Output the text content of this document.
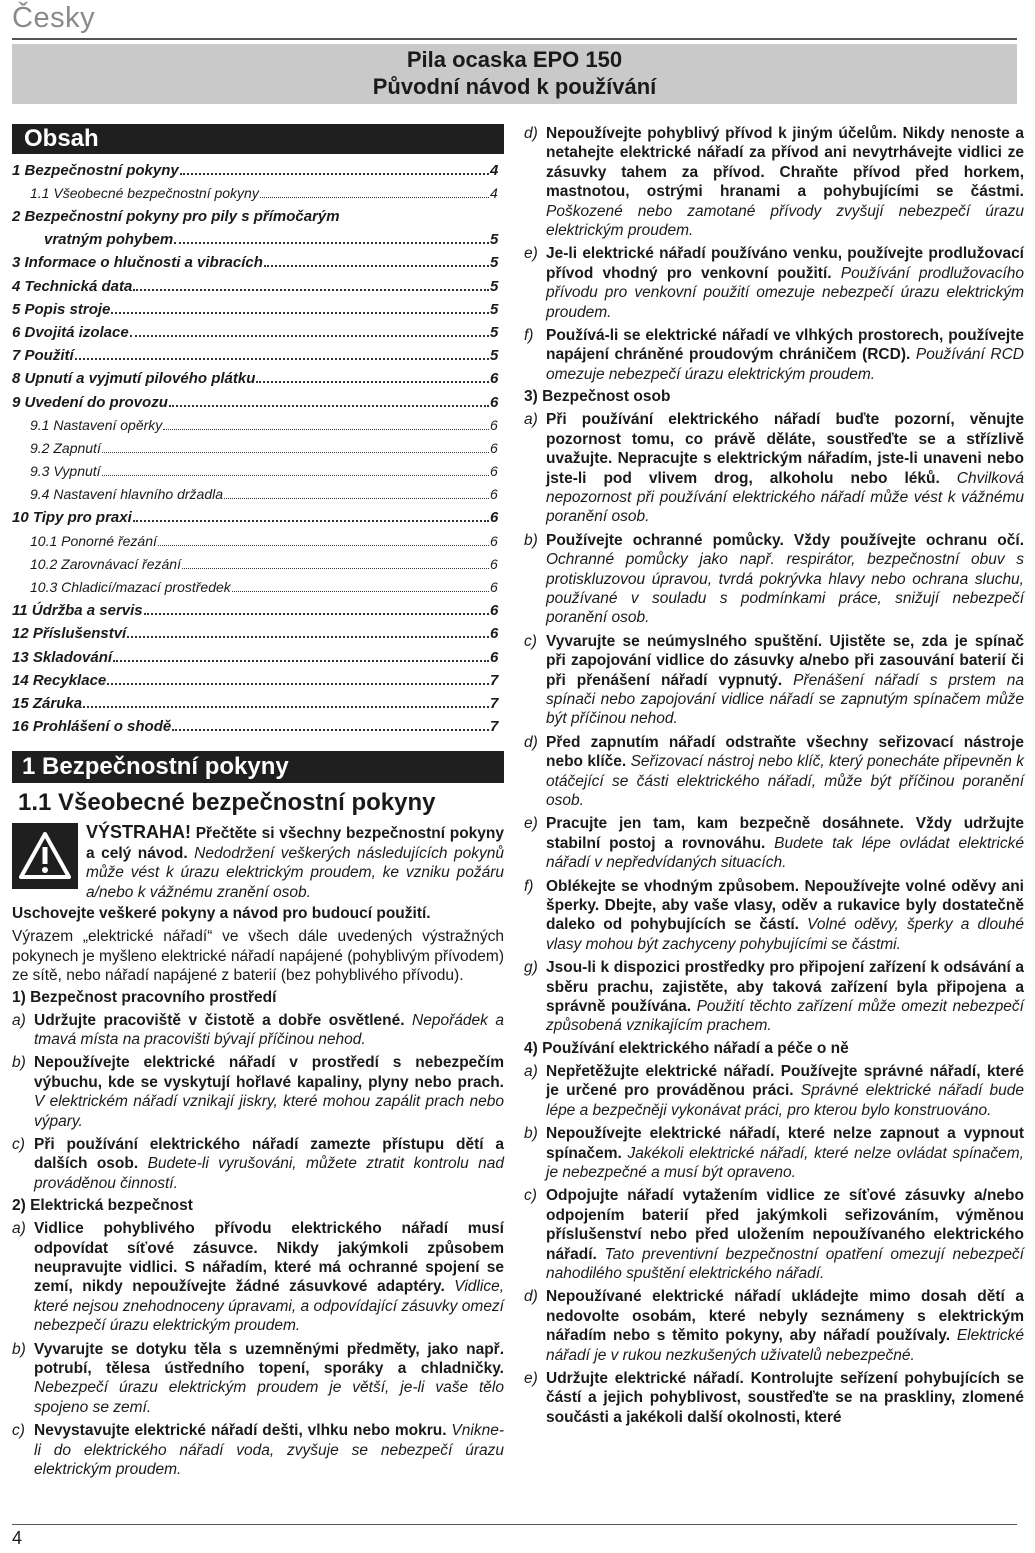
Česky
Pila ocaska EPO 150
Původní návod k používání
Obsah
1 Bezpečnostní pokyny	4
1.1 Všeobecné bezpečnostní pokyny	4
2 Bezpečnostní pokyny pro pily s přímočarým
vratným pohybem	5
3 Informace o hlučnosti a vibracích	5
4 Technická data	5
5 Popis stroje	5
6 Dvojitá izolace	5
7 Použití	5
8 Upnutí a vyjmutí pilového plátku	6
9 Uvedení do provozu	6
9.1 Nastavení opěrky	6
9.2 Zapnutí	6
9.3 Vypnutí	6
9.4 Nastavení hlavního držadla	6
10 Tipy pro praxi	6
10.1 Ponorné řezání	6
10.2 Zarovnávací řezání	6
10.3 Chladicí/mazací prostředek	6
11 Údržba a servis	6
12 Příslušenství	6
13 Skladování	6
14 Recyklace	7
15 Záruka	7
16 Prohlášení o shodě	7
1 Bezpečnostní pokyny
1.1 Všeobecné bezpečnostní pokyny

VÝSTRAHA! Přečtěte si všechny bezpečnostní pokyny a celý návod. Nedodržení veškerých následujících pokynů může vést k úrazu elektrickým proudem, ke vzniku požáru a/nebo k vážnému zranění osob.

Uschovejte veškeré pokyny a návod pro budoucí použití.

Výrazem „elektrické nářadí“ ve všech dále uvedených výstražných pokynech je myšleno elektrické nářadí napájené (pohyblivým přívodem) ze sítě, nebo nářadí napájené z baterií (bez pohyblivého přívodu).

1) Bezpečnost pracovního prostředí
a) Udržujte pracoviště v čistotě a dobře osvětlené. Nepořádek a tmavá místa na pracovišti bývají příčinou nehod.

b) Nepoužívejte elektrické nářadí v prostředí s nebezpečím výbuchu, kde se vyskytují hořlavé kapaliny, plyny nebo prach. V elektrickém nářadí vznikají jiskry, které mohou zapálit prach nebo výpary.

c) Při používání elektrického nářadí zamezte přístupu dětí a dalších osob. Budete-li vyrušováni, můžete ztratit kontrolu nad prováděnou činností.

2) Elektrická bezpečnost
a) Vidlice pohyblivého přívodu elektrického nářadí musí odpovídat síťové zásuvce. Nikdy jakýmkoli způsobem neupravujte vidlici. S nářadím, které má ochranné spojení se zemí, nikdy nepoužívejte žádné zásuvkové adaptéry. Vidlice, které nejsou znehodnoceny úpravami, a odpovídající zásuvky omezí nebezpečí úrazu elektrickým proudem.

b) Vyvarujte se dotyku těla s uzemněnými předměty, jako např. potrubí, tělesa ústředního topení, sporáky a chladničky. Nebezpečí úrazu elektrickým proudem je větší, je-li vaše tělo spojeno se zemí.

c) Nevystavujte elektrické nářadí dešti, vlhku nebo mokru. Vnikne-li do elektrického nářadí voda, zvyšuje se nebezpečí úrazu elektrickým proudem.

d) Nepoužívejte pohyblivý přívod k jiným účelům. Nikdy nenoste a netahejte elektrické nářadí za přívod ani nevytrhávejte vidlici ze zásuvky tahem za přívod. Chraňte přívod před horkem, mastnotou, ostrými hranami a pohybujícími se částmi. Poškozené nebo zamotané přívody zvyšují nebezpečí úrazu elektrickým proudem.

e) Je-li elektrické nářadí používáno venku, používejte prodlužovací přívod vhodný pro venkovní použití. Používání prodlužovacího přívodu pro venkovní použití omezuje nebezpečí úrazu elektrickým proudem.

f) Používá-li se elektrické nářadí ve vlhkých prostorech, používejte napájení chráněné proudovým chráničem (RCD). Používání RCD omezuje nebezpečí úrazu elektrickým proudem.

3) Bezpečnost osob
a) Při používání elektrického nářadí buďte pozorní, věnujte pozornost tomu, co právě děláte, soustřeďte se a střízlivě uvažujte. Nepracujte s elektrickým nářadím, jste-li unaveni nebo jste-li pod vlivem drog, alkoholu nebo léků. Chvilková nepozornost při používání elektrického nářadí může vést k vážnému poranění osob.

b) Používejte ochranné pomůcky. Vždy používejte ochranu očí. Ochranné pomůcky jako např. respirátor, bezpečnostní obuv s protiskluzovou úpravou, tvrdá pokrývka hlavy nebo ochrana sluchu, používané v souladu s podmínkami práce, snižují nebezpečí poranění osob.

c) Vyvarujte se neúmyslného spuštění. Ujistěte se, zda je spínač při zapojování vidlice do zásuvky a/nebo při zasouvání baterií či při přenášení nářadí vypnutý. Přenášení nářadí s prstem na spínači nebo zapojování vidlice nářadí se zapnutým spínačem může být příčinou nehod.

d) Před zapnutím nářadí odstraňte všechny seřizovací nástroje nebo klíče. Seřizovací nástroj nebo klíč, který ponecháte připevněn k otáčející se části elektrického nářadí, může být příčinou poranění osob.

e) Pracujte jen tam, kam bezpečně dosáhnete. Vždy udržujte stabilní postoj a rovnováhu. Budete tak lépe ovládat elektrické nářadí v nepředvídaných situacích.

f) Oblékejte se vhodným způsobem. Nepoužívejte volné oděvy ani šperky. Dbejte, aby vaše vlasy, oděv a rukavice byly dostatečně daleko od pohybujících se částí. Volné oděvy, šperky a dlouhé vlasy mohou být zachyceny pohybujícími se částmi.

g) Jsou-li k dispozici prostředky pro připojení zařízení k odsávání a sběru prachu, zajistěte, aby taková zařízení byla připojena a správně používána. Použití těchto zařízení může omezit nebezpečí způsobená vznikajícím prachem.

4) Používání elektrického nářadí a péče o ně
a) Nepřetěžujte elektrické nářadí. Používejte správné nářadí, které je určené pro prováděnou práci. Správné elektrické nářadí bude lépe a bezpečněji vykonávat práci, pro kterou bylo konstruováno.

b) Nepoužívejte elektrické nářadí, které nelze zapnout a vypnout spínačem. Jakékoli elektrické nářadí, které nelze ovládat spínačem, je nebezpečné a musí být opraveno.

c) Odpojujte nářadí vytažením vidlice ze síťové zásuvky a/nebo odpojením baterií před jakýmkoli seřizováním, výměnou příslušenství nebo před uložením nepoužívaného elektrického nářadí. Tato preventivní bezpečnostní opatření omezují nebezpečí nahodilého spuštění elektrického nářadí.

d) Nepoužívané elektrické nářadí ukládejte mimo dosah dětí a nedovolte osobám, které nebyly seznámeny s elektrickým nářadím nebo s těmito pokyny, aby nářadí používaly. Elektrické nářadí je v rukou nezkušených uživatelů nebezpečné.

e) Udržujte elektrické nářadí. Kontrolujte seřízení pohybujících se částí a jejich pohyblivost, soustřeďte se na praskliny, zlomené součásti a jakékoli další okolnosti, které

4
